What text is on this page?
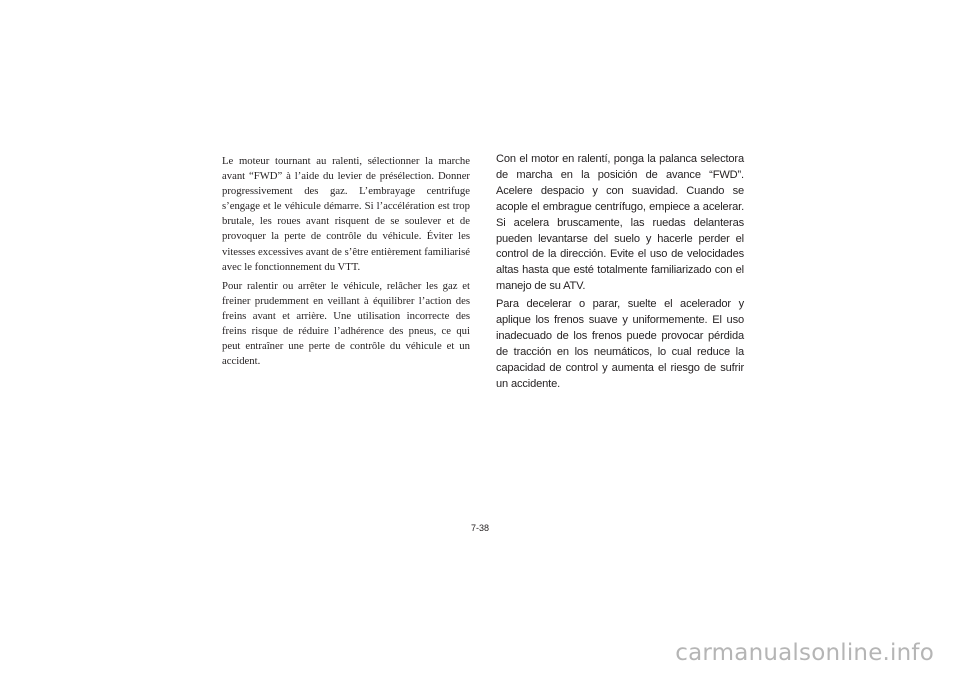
Le moteur tournant au ralenti, sélectionner la marche avant “FWD” à l’aide du levier de présélection. Donner progressivement des gaz. L’embrayage centrifuge s’engage et le véhicule démarre. Si l’accélération est trop brutale, les roues avant risquent de se soulever et de provoquer la perte de contrôle du véhicule. Éviter les vitesses excessives avant de s’être entièrement familiarisé avec le fonctionnement du VTT.

Pour ralentir ou arrêter le véhicule, relâcher les gaz et freiner prudemment en veillant à équilibrer l’action des freins avant et arrière. Une utilisation incorrecte des freins risque de réduire l’adhérence des pneus, ce qui peut entraîner une perte de contrôle du véhicule et un accident.

Con el motor en ralentí, ponga la palanca selectora de marcha en la posición de avance “FWD”. Acelere despacio y con suavidad. Cuando se acople el embrague centrífugo, empiece a acelerar. Si acelera bruscamente, las ruedas delanteras pueden levantarse del suelo y hacerle perder el control de la dirección. Evite el uso de velocidades altas hasta que esté totalmente familiarizado con el manejo de su ATV.

Para decelerar o parar, suelte el acelerador y aplique los frenos suave y uniformemente. El uso inadecuado de los frenos puede provocar pérdida de tracción en los neumáticos, lo cual reduce la capacidad de control y aumenta el riesgo de sufrir un accidente.

7-38
carmanualsonline.info
